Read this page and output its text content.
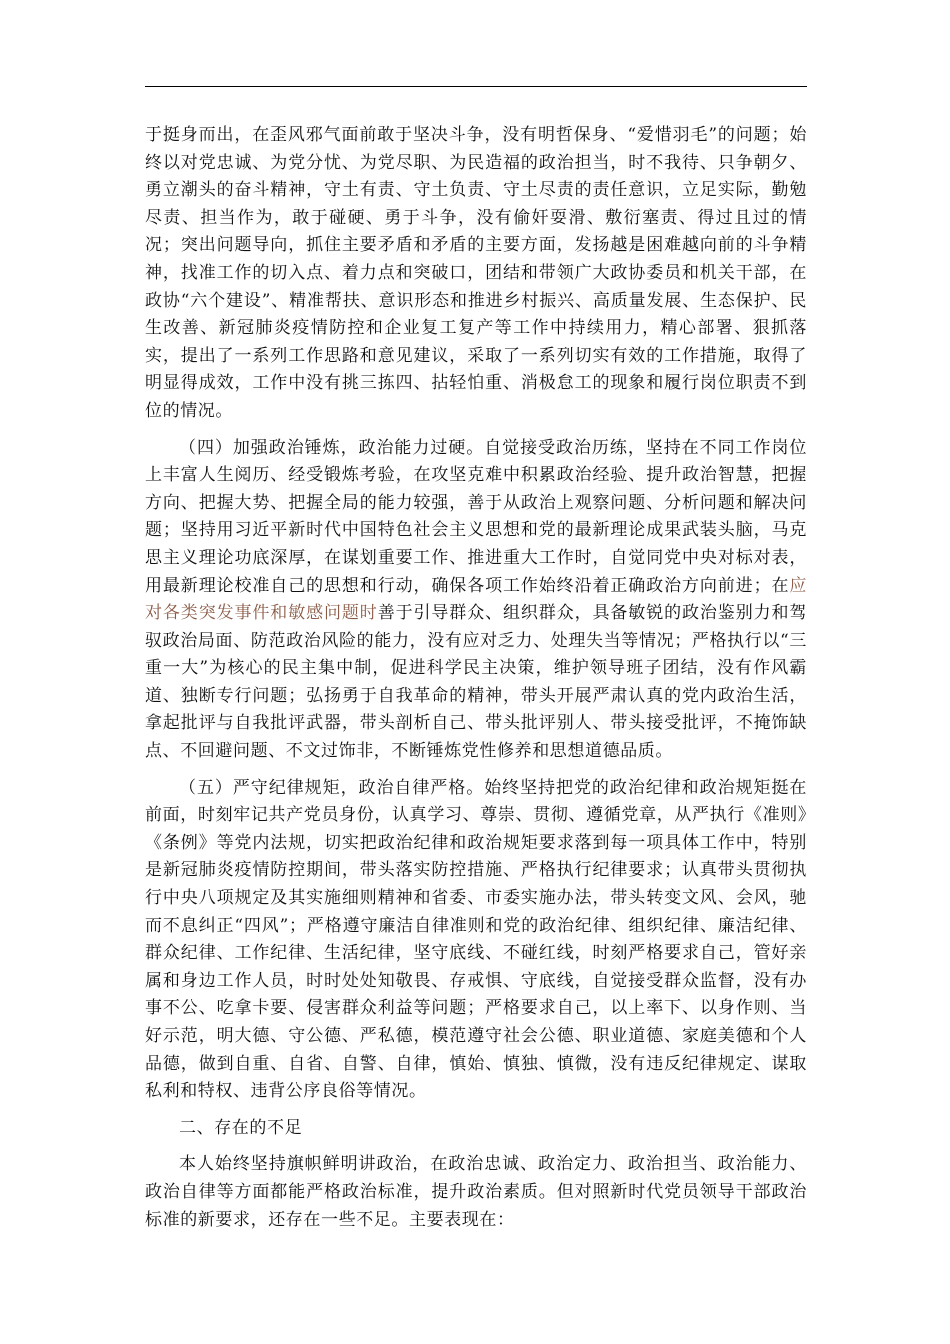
于挺身而出，在歪风邪气面前敢于坚决斗争，没有明哲保身、“爱惜羽毛”的问题；始终以对党忠诚、为党分忧、为党尽职、为民造福的政治担当，时不我待、只争朝夕、勇立潮头的奋斗精神，守土有责、守土负责、守土尽责的责任意识，立足实际，勤勉尽责、担当作为，敢于碰硬、勇于斗争，没有偷奸耍滑、敷衍塞责、得过且过的情况；突出问题导向，抓住主要矛盾和矛盾的主要方面，发扬越是困难越向前的斗争精神，找准工作的切入点、着力点和突破口，团结和带领广大政协委员和机关干部，在政协“六个建设”、精准帮扶、意识形态和推进乡村振兴、高质量发展、生态保护、民生改善、新冠肺炎疫情防控和企业复工复产等工作中持续用力，精心部署、狠抓落实，提出了一系列工作思路和意见建议，采取了一系列切实有效的工作措施，取得了明显得成效，工作中没有挑三拣四、拈轻怕重、消极怠工的现象和履行岗位职责不到位的情况。

（四）加强政治锤炼，政治能力过硬。自觉接受政治历练，坚持在不同工作岗位上丰富人生阅历、经受锻炼考验，在攻坚克难中积累政治经验、提升政治智慧，把握方向、把握大势、把握全局的能力较强，善于从政治上观察问题、分析问题和解决问题；坚持用习近平新时代中国特色社会主义思想和党的最新理论成果武装头脑，马克思主义理论功底深厚，在谋划重要工作、推进重大工作时，自觉同党中央对标对表，用最新理论校准自己的思想和行动，确保各项工作始终沿着正确政治方向前进；在应对各类突发事件和敏感问题时善于引导群众、组织群众，具备敏锐的政治鉴别力和驾驭政治局面、防范政治风险的能力，没有应对乏力、处理失当等情况；严格执行以“三重一大”为核心的民主集中制，促进科学民主决策，维护领导班子团结，没有作风霸道、独断专行问题；弘扬勇于自我革命的精神，带头开展严肃认真的党内政治生活，拿起批评与自我批评武器，带头剖析自己、带头批评别人、带头接受批评，不掩饰缺点、不回避问题、不文过饰非，不断锤炼党性修养和思想道德品质。

（五）严守纪律规矩，政治自律严格。始终坚持把党的政治纪律和政治规矩挺在前面，时刻牢记共产党员身份，认真学习、尊崇、贯彻、遵循党章，从严执行《准则》《条例》等党内法规，切实把政治纪律和政治规矩要求落到每一项具体工作中，特别是新冠肺炎疫情防控期间，带头落实防控措施、严格执行纪律要求；认真带头贯彻执行中央八项规定及其实施细则精神和省委、市委实施办法，带头转变文风、会风，驰而不息纠正“四风”；严格遵守廉洁自律准则和党的政治纪律、组织纪律、廉洁纪律、群众纪律、工作纪律、生活纪律，坚守底线、不碰红线，时刻严格要求自己，管好亲属和身边工作人员，时时处处知敬畏、存戒惧、守底线，自觉接受群众监督，没有办事不公、吃拿卡要、侵害群众利益等问题；严格要求自己，以上率下、以身作则、当好示范，明大德、守公德、严私德，模范遵守社会公德、职业道德、家庭美德和个人品德，做到自重、自省、自警、自律，慎始、慎独、慎微，没有违反纪律规定、谋取私利和特权、违背公序良俗等情况。

二、存在的不足

本人始终坚持旗帜鲜明讲政治，在政治忠诚、政治定力、政治担当、政治能力、政治自律等方面都能严格政治标准，提升政治素质。但对照新时代党员领导干部政治标准的新要求，还存在一些不足。主要表现在：
